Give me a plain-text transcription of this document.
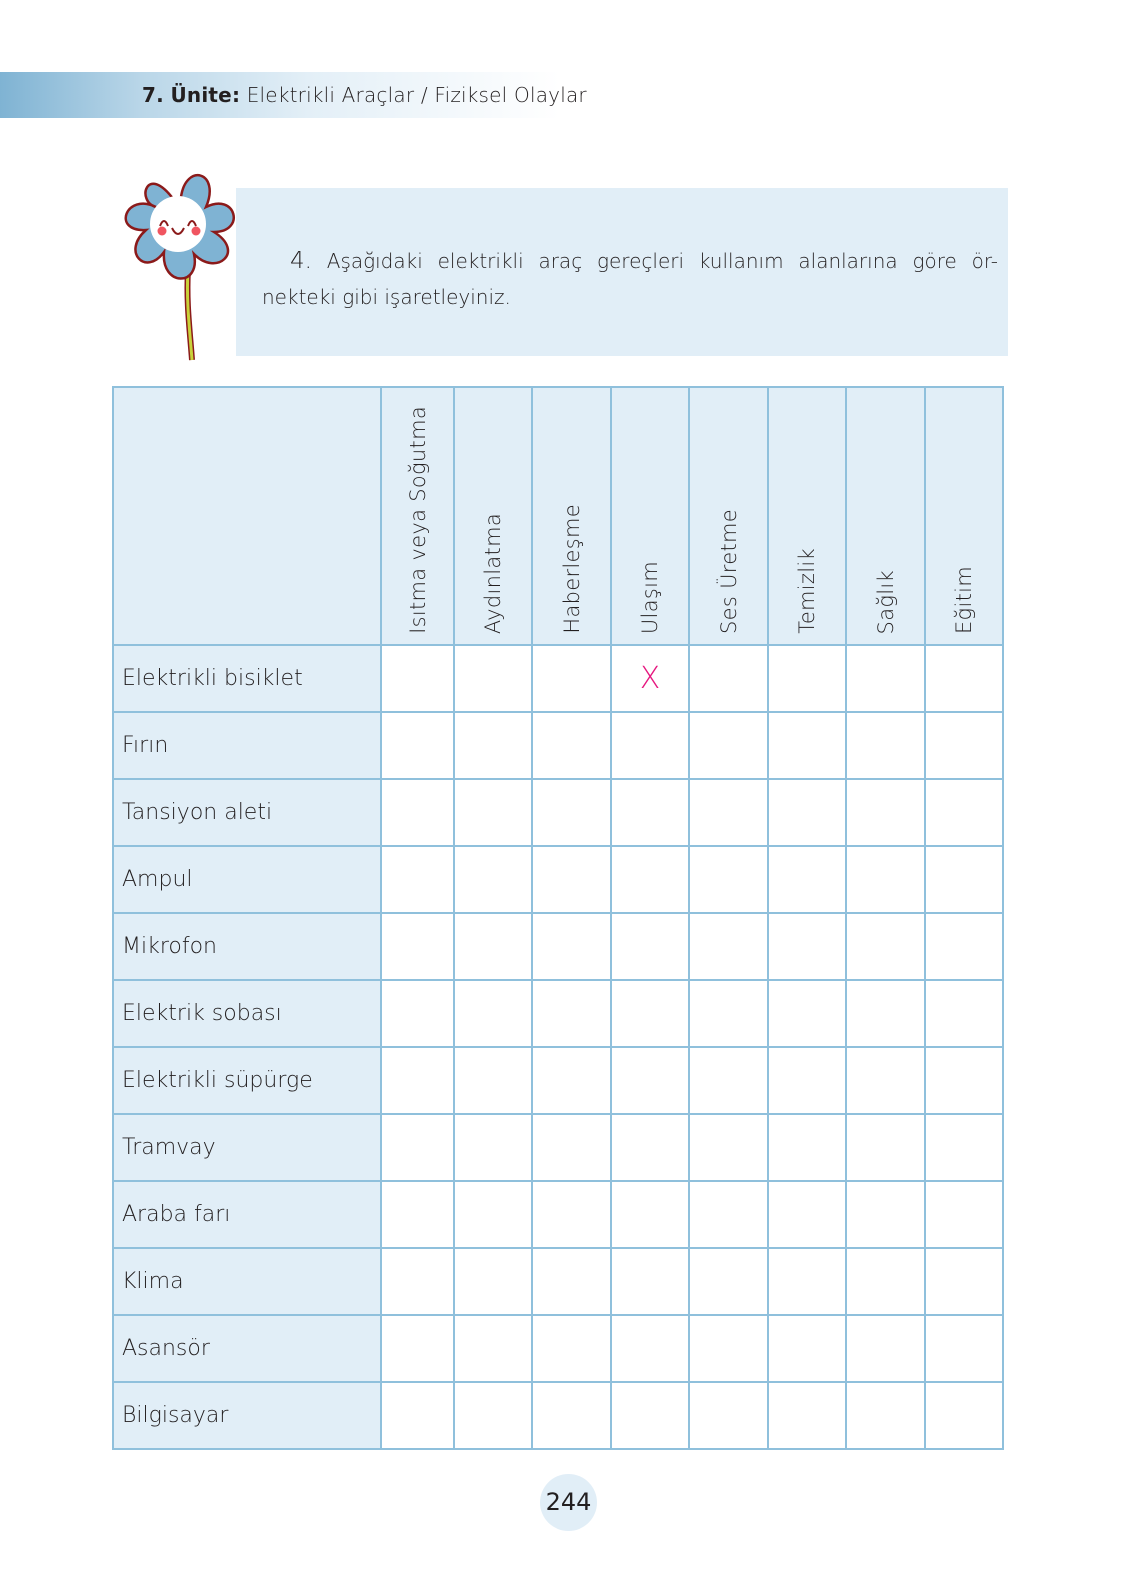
7. Ünite: Elektrikli Araçlar / Fiziksel Olaylar
4. Aşağıdaki elektrikli araç gereçleri kullanım alanlarına göre ör-nekteki gibi işaretleyiniz.
	Isıtma veya Soğutma	Aydınlatma	Haberleşme	Ulaşım	Ses Üretme	Temizlik	Sağlık	Eğitim
Elektrikli bisiklet				X				
Fırın								
Tansiyon aleti								
Ampul								
Mikrofon								
Elektrik sobası								
Elektrikli süpürge								
Tramvay								
Araba farı								
Klima								
Asansör								
Bilgisayar								
244
